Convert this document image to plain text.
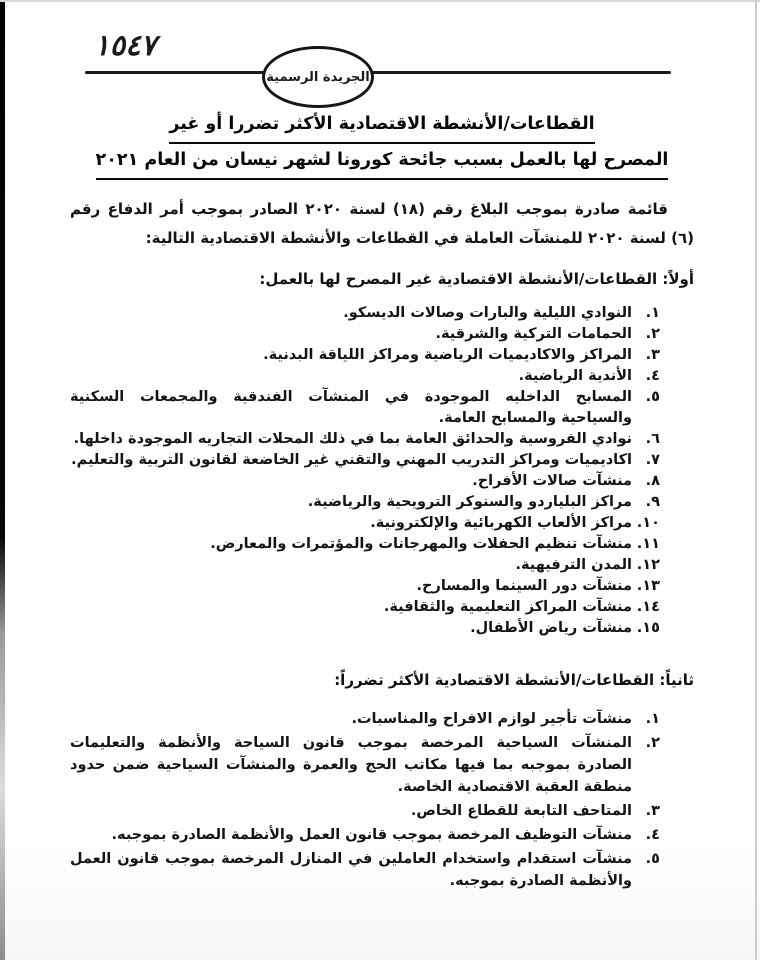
١٥٤٧
الجريدة الرسمية
القطاعات/الأنشطة الاقتصادية الأكثر تضررا أو غير
المصرح لها بالعمل بسبب جائحة كورونا لشهر نيسان من العام ٢٠٢١

قائمة صادرة بموجب البلاغ رقم (١٨) لسنة ٢٠٢٠ الصادر بموجب أمر الدفاع رقم (٦) لسنة ٢٠٢٠ للمنشآت العاملة في القطاعات والأنشطة الاقتصادية التالية:

أولاً: القطاعات/الأنشطة الاقتصادية غير المصرح لها بالعمل:
١.
النوادي الليلية والبارات وصالات الديسكو.
٢.
الحمامات التركية والشرقية.
٣.
المراكز والاكاديميات الرياضية ومراكز اللياقة البدنية.
٤.
الأندية الرياضية.
٥.
المسابح الداخليه الموجودة في المنشآت الفندقية والمجمعات السكنية والسياحية والمسابح العامة.
٦.
نوادي الفروسية والحدائق العامة بما في ذلك المحلات التجاريه الموجودة داخلها.
٧.
اكاديميات ومراكز التدريب المهني والتقني غير الخاضعة لقانون التربية والتعليم.
٨.
منشآت صالات الأفراح.
٩.
مراكز البلياردو والسنوكر الترويحية والرياضية.
١٠.
مراكز الألعاب الكهربائية والإلكترونية.
١١.
منشآت تنظيم الحفلات والمهرجانات والمؤتمرات والمعارض.
١٢.
المدن الترفيهية.
١٣.
منشآت دور السينما والمسارح.
١٤.
منشآت المراكز التعليمية والثقافية.
١٥.
منشآت رياض الأطفال.
ثانياً: القطاعات/الأنشطة الاقتصادية الأكثر تضرراً:
١.
منشآت تأجير لوازم الافراح والمناسبات.
٢.
المنشآت السياحية المرخصة بموجب قانون السياحة والأنظمة والتعليمات الصادرة بموجبه بما فيها مكاتب الحج والعمرة والمنشآت السياحية ضمن حدود منطقة العقبة الاقتصادية الخاصة.
٣.
المتاحف التابعة للقطاع الخاص.
٤.
منشآت التوظيف المرخصة بموجب قانون العمل والأنظمة الصادرة بموجبه.
٥.
منشآت استقدام واستخدام العاملين في المنازل المرخصة بموجب قانون العمل والأنظمة الصادرة بموجبه.
